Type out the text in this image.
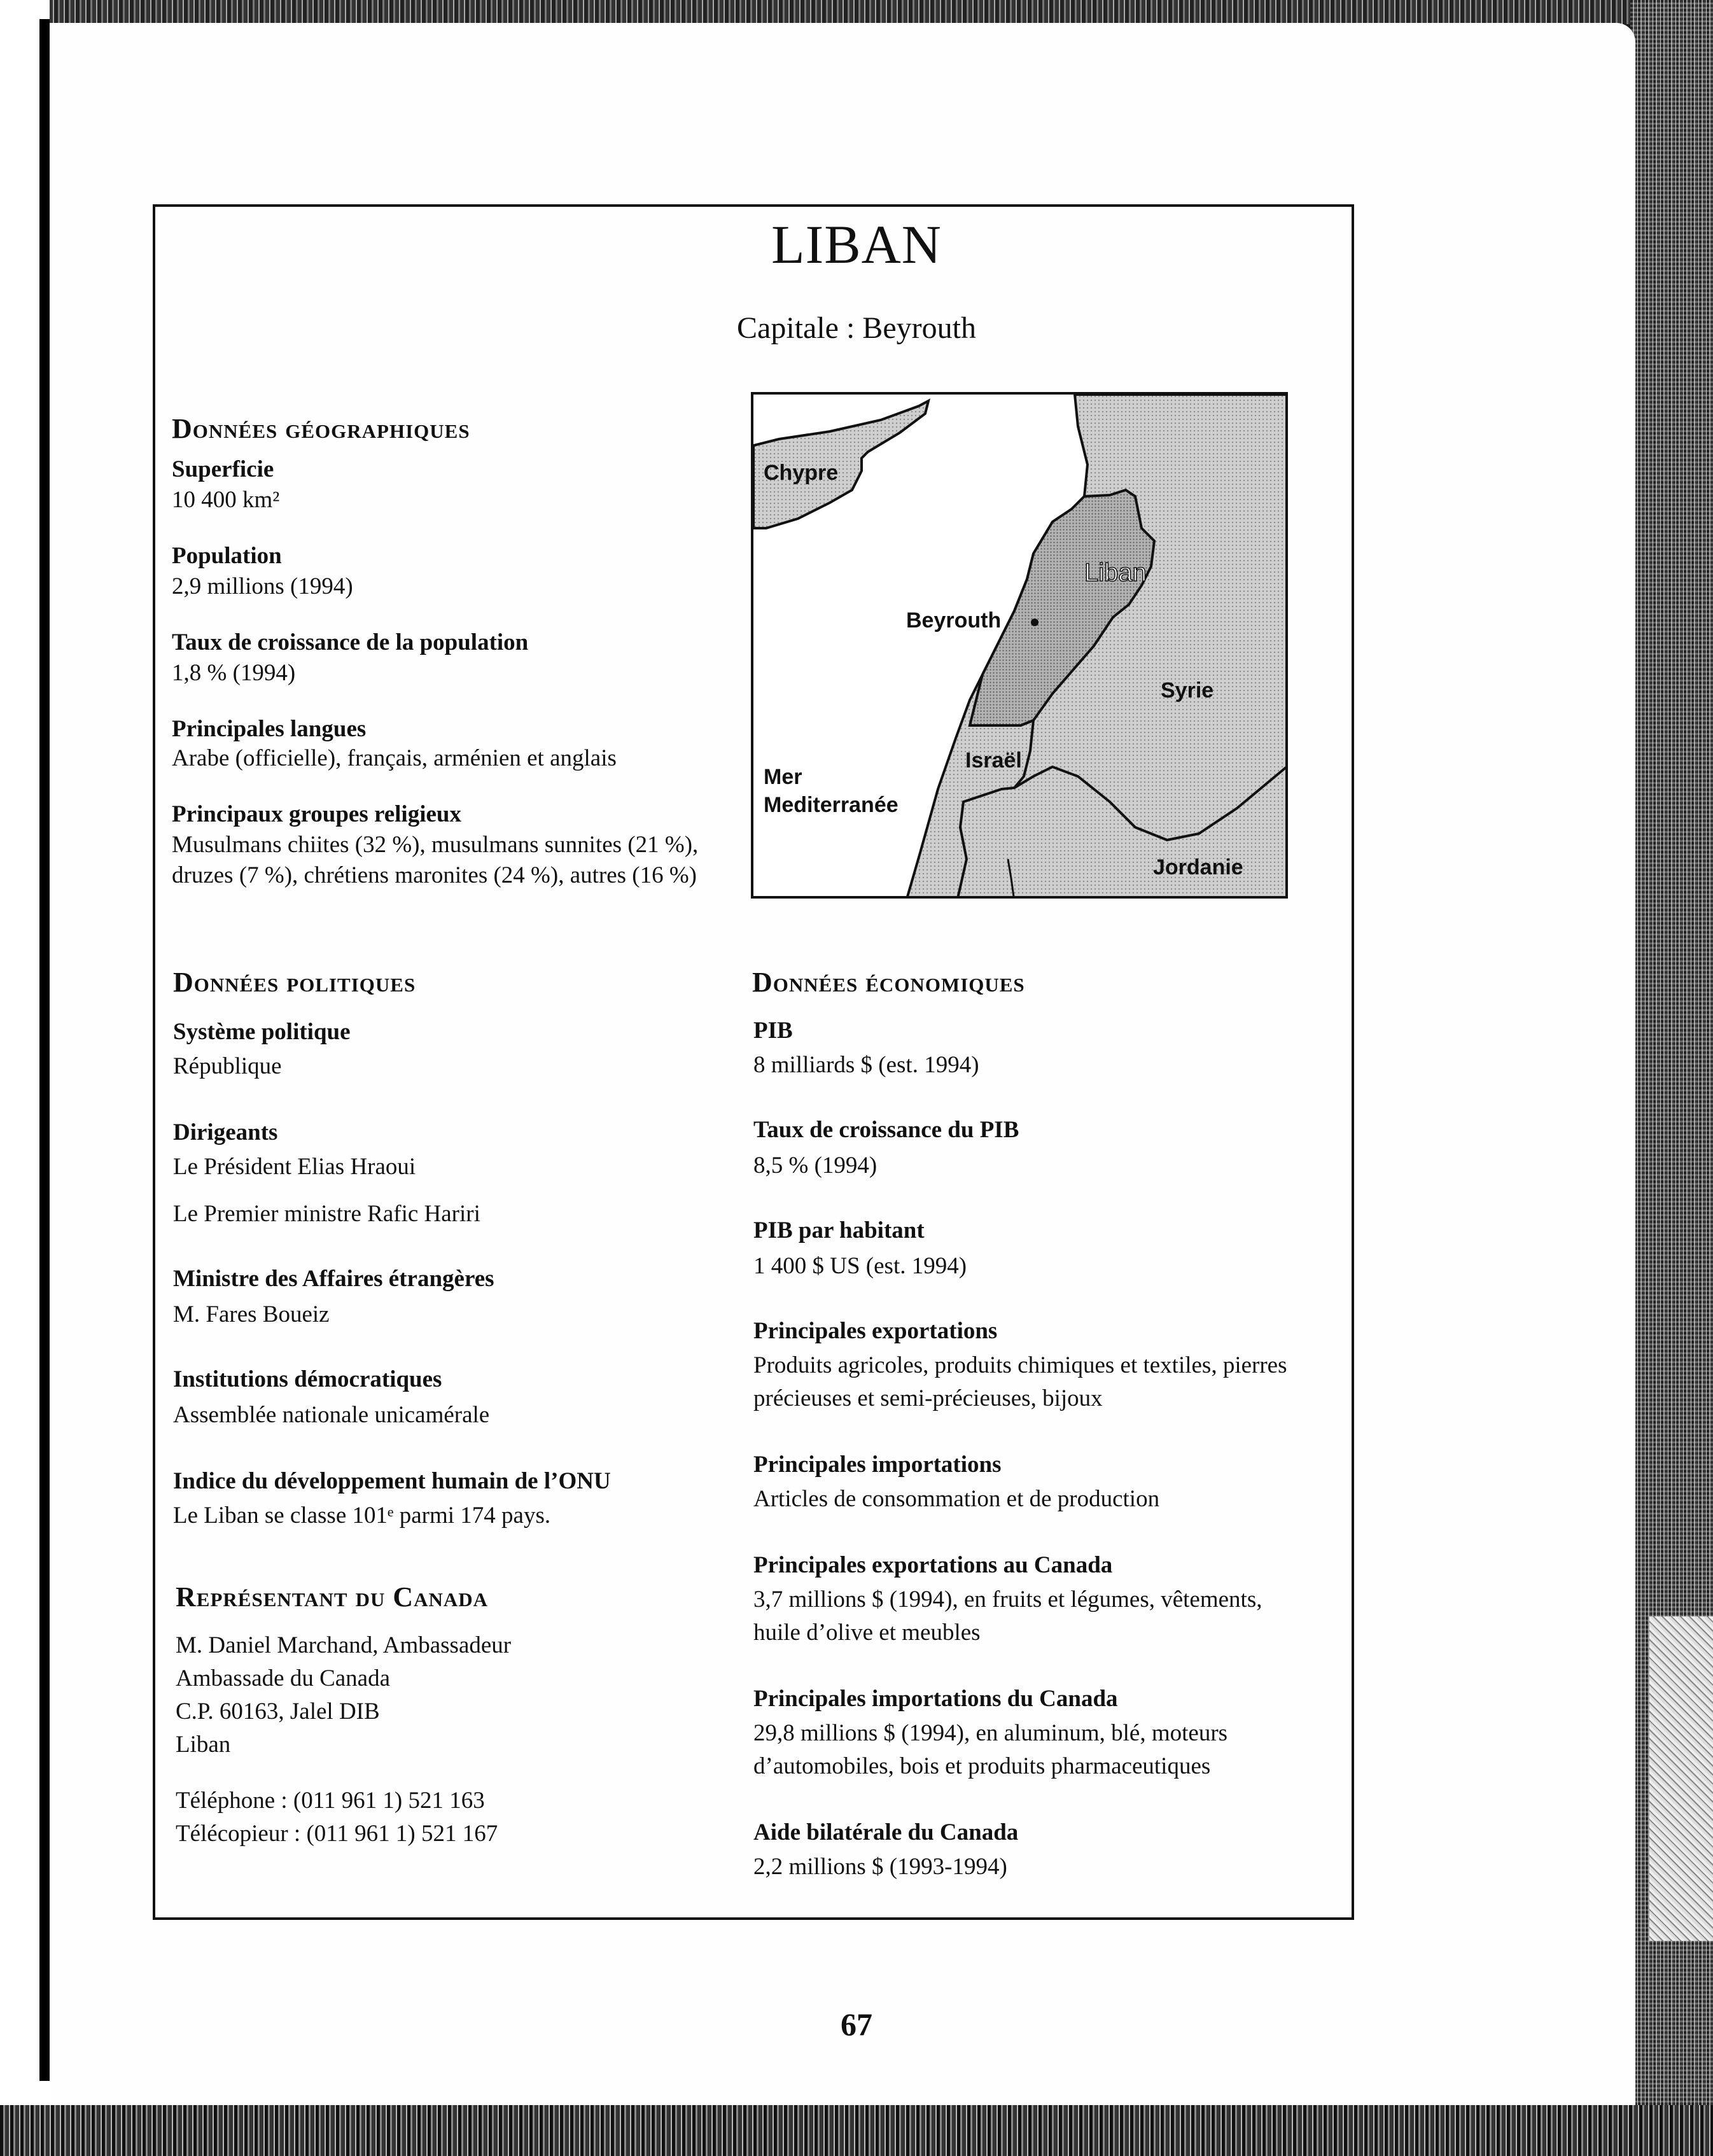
LIBAN
Capitale : Beyrouth
Données géographiques
Superficie
10 400 km²
Population
2,9 millions (1994)
Taux de croissance de la population
1,8 % (1994)
Principales langues
Arabe (officielle), français, arménien et anglais
Principaux groupes religieux
Musulmans chiites (32 %), musulmans sunnites (21 %),
druzes (7 %), chrétiens maronites (24 %), autres (16 %)
Chypre
Liban
Beyrouth
Syrie
Israël
Mer
Mediterranée
Jordanie
Données politiques
Système politique
République
Dirigeants
Le Président Elias Hraoui
Le Premier ministre Rafic Hariri
Ministre des Affaires étrangères
M. Fares Boueiz
Institutions démocratiques
Assemblée nationale unicamérale
Indice du développement humain de l’ONU
Le Liban se classe 101ᵉ parmi 174 pays.
Représentant du Canada
M. Daniel Marchand, Ambassadeur
Ambassade du Canada
C.P. 60163, Jalel DIB
Liban
Téléphone : (011 961 1) 521 163
Télécopieur : (011 961 1) 521 167
Données économiques
PIB
8 milliards $ (est. 1994)
Taux de croissance du PIB
8,5 % (1994)
PIB par habitant
1 400 $ US (est. 1994)
Principales exportations
Produits agricoles, produits chimiques et textiles, pierres
précieuses et semi-précieuses, bijoux
Principales importations
Articles de consommation et de production
Principales exportations au Canada
3,7 millions $ (1994), en fruits et légumes, vêtements,
huile d’olive et meubles
Principales importations du Canada
29,8 millions $ (1994), en aluminum, blé, moteurs
d’automobiles, bois et produits pharmaceutiques
Aide bilatérale du Canada
2,2 millions $ (1993-1994)
67
